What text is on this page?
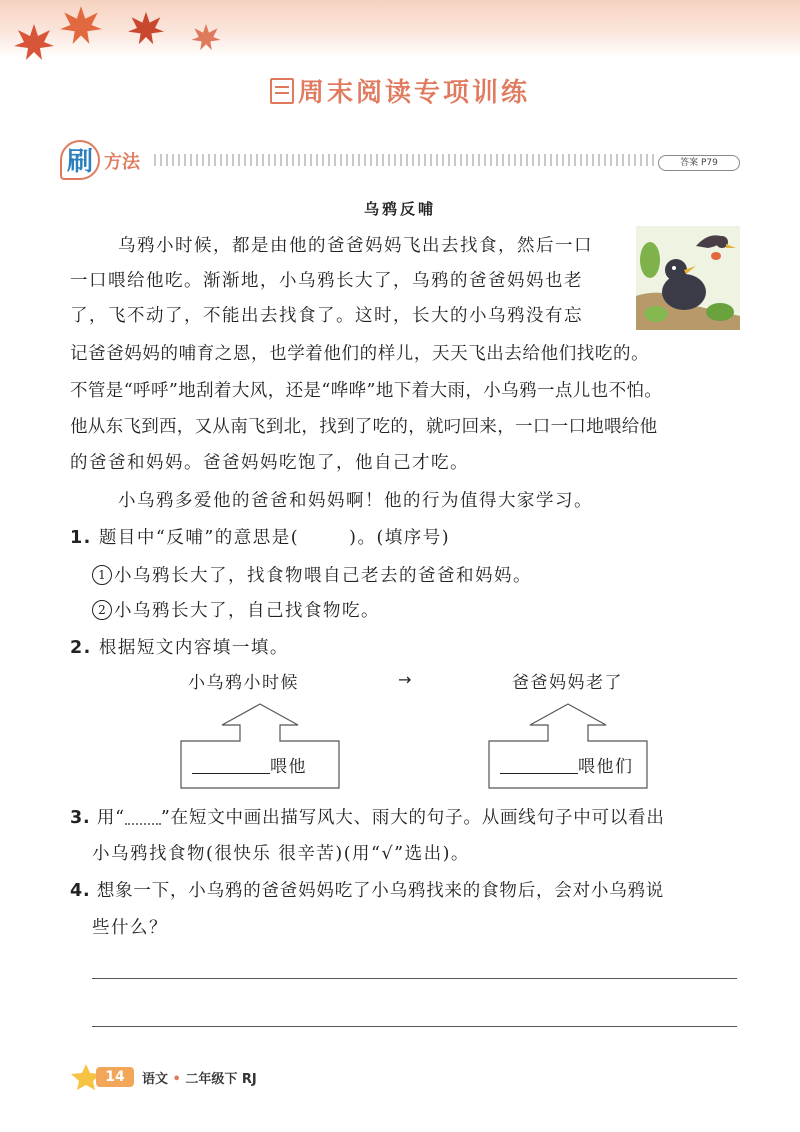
周末阅读专项训练
刷 方法	答案 P79
乌鸦反哺
乌鸦小时候，都是由他的爸爸妈妈飞出去找食，然后一口
一口喂给他吃。渐渐地，小乌鸦长大了，乌鸦的爸爸妈妈也老
了，飞不动了，不能出去找食了。这时，长大的小乌鸦没有忘
记爸爸妈妈的哺育之恩，也学着他们的样儿，天天飞出去给他们找吃的。
不管是“呼呼”地刮着大风，还是“哗哗”地下着大雨，小乌鸦一点儿也不怕。
他从东飞到西，又从南飞到北，找到了吃的，就叼回来，一口一口地喂给他
的爸爸和妈妈。爸爸妈妈吃饱了，他自己才吃。
小乌鸦多爱他的爸爸和妈妈啊！他的行为值得大家学习。
1. 题目中“反哺”的意思是(	)。(填序号)
1 小乌鸦长大了，找食物喂自己老去的爸爸和妈妈。
2 小乌鸦长大了，自己找食物吃。
2. 根据短文内容填一填。
小乌鸦小时候	→	爸爸妈妈老了
喂他	喂他们
3. 用“ ”在短文中画出描写风大、雨大的句子。从画线句子中可以看出
小乌鸦找食物(很快乐 很辛苦)(用“√”选出)。
4. 想象一下，小乌鸦的爸爸妈妈吃了小乌鸦找来的食物后，会对小乌鸦说
些什么？
14	语文 • 二年级下 RJ
